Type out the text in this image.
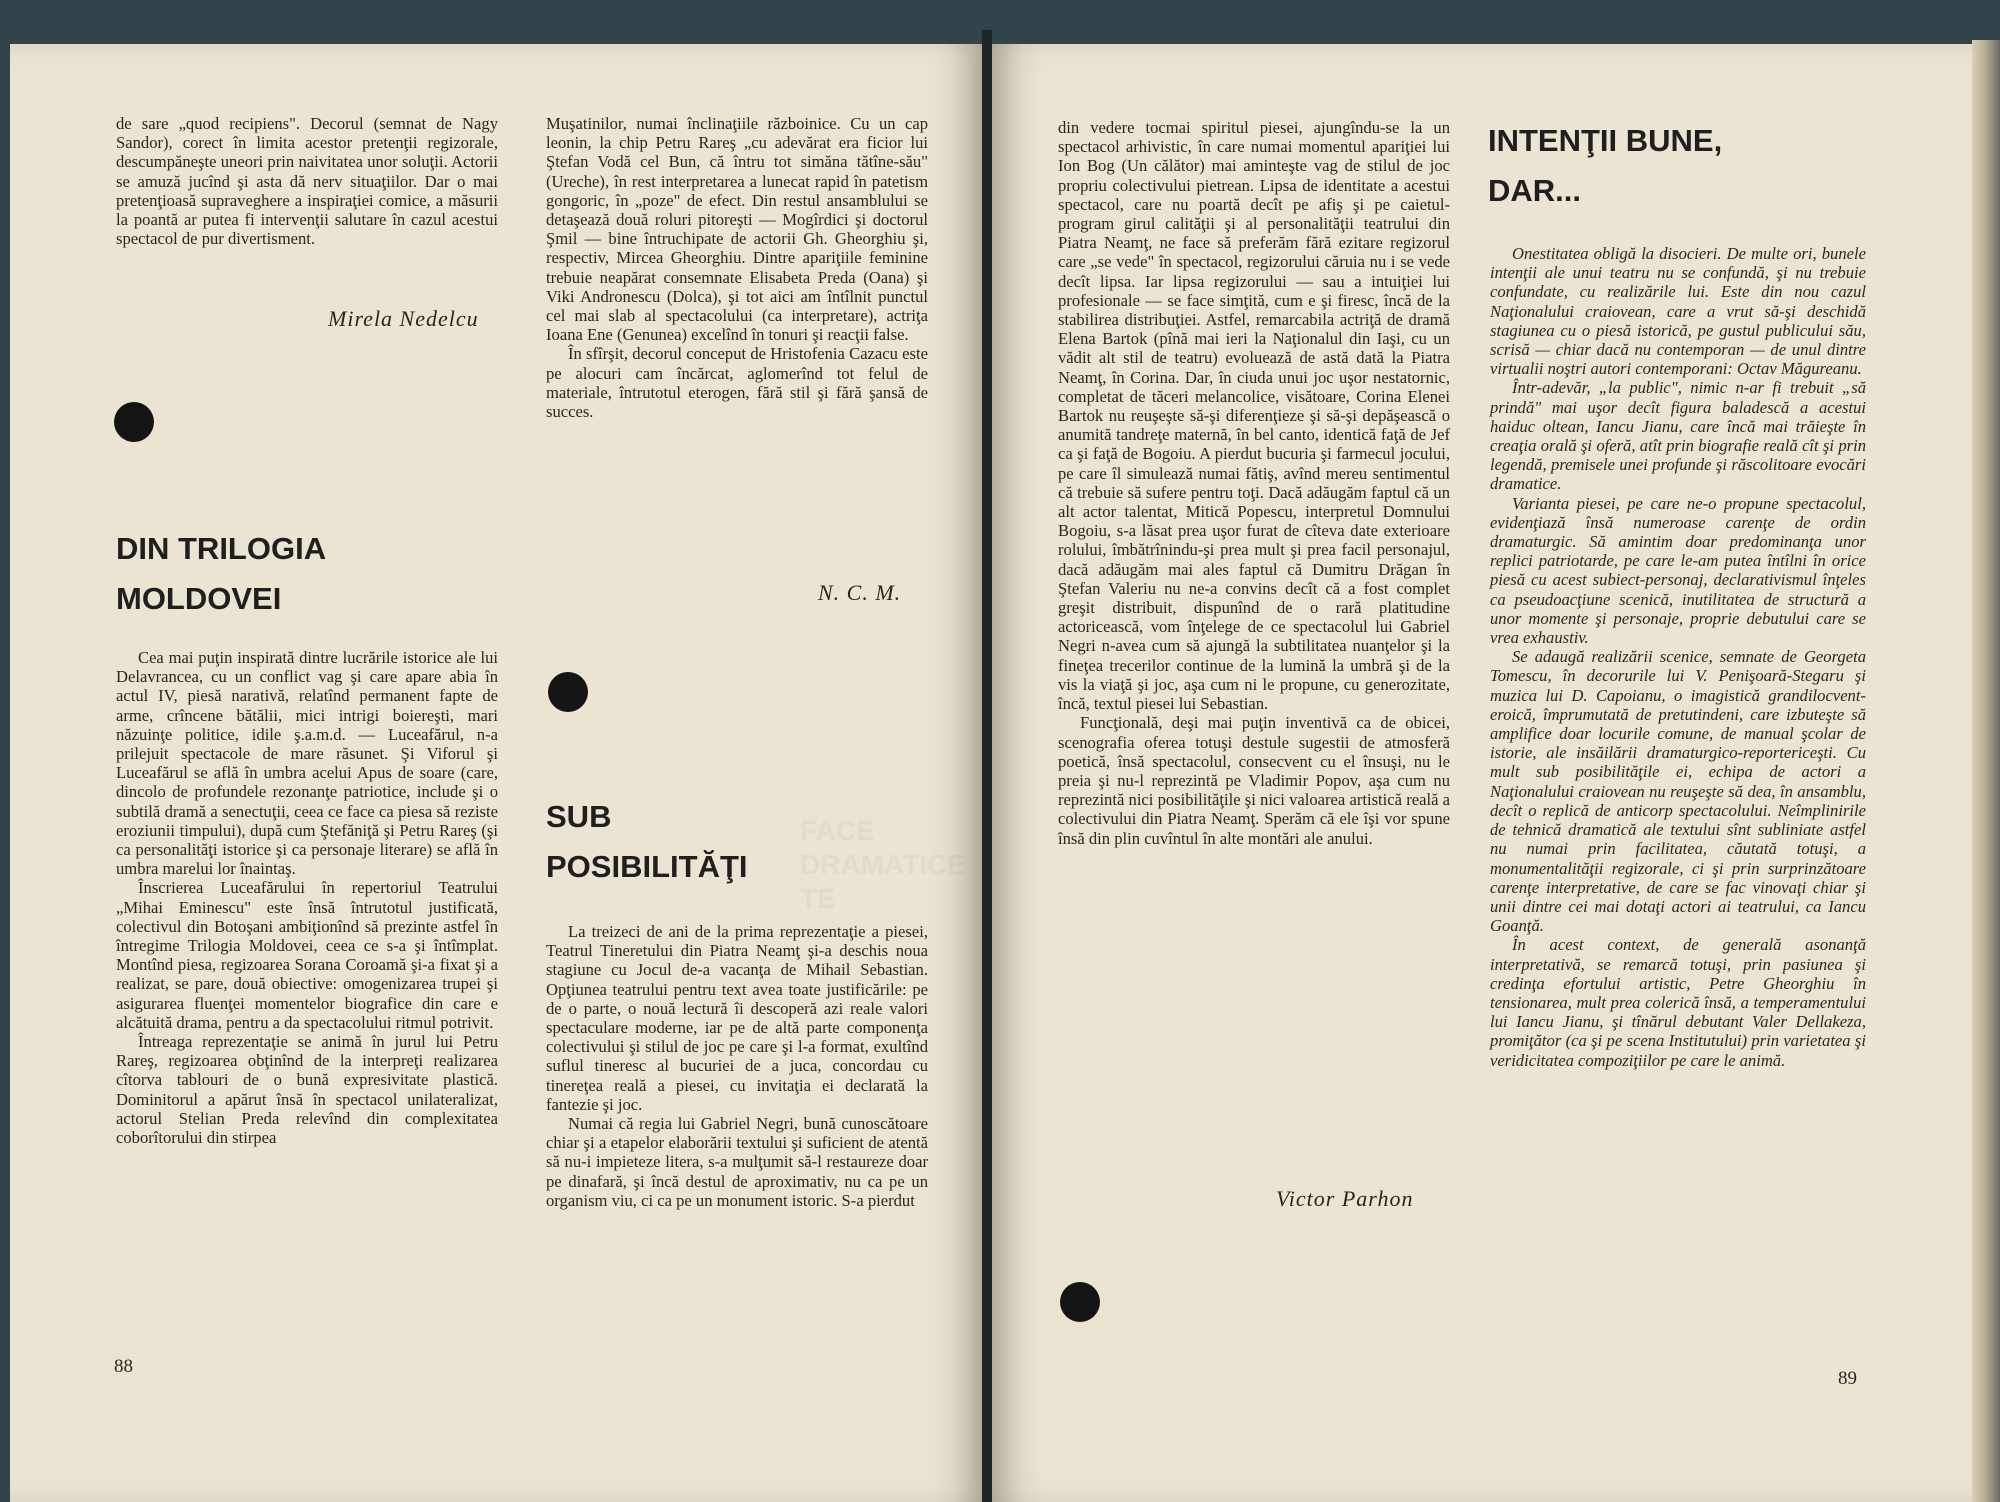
de sare „quod recipiens". Decorul (semnat de Nagy Sandor), corect în limita acestor pretenţii regizorale, descumpăneşte uneori prin naivitatea unor soluţii. Actorii se amuză jucînd şi asta dă nerv situaţiilor. Dar o mai pretenţioasă supraveghere a inspiraţiei comice, a măsurii la poantă ar putea fi intervenţii salutare în cazul acestui spectacol de pur divertisment.

Mirela Nedelcu
DIN TRILOGIA
MOLDOVEI

Cea mai puţin inspirată dintre lucrările istorice ale lui Delavrancea, cu un conflict vag şi care apare abia în actul IV, piesă narativă, relatînd permanent fapte de arme, crîncene bătălii, mici intrigi boiereşti, mari năzuinţe politice, idile ş.a.m.d. — Luceafărul, n-a prilejuit spectacole de mare răsunet. Şi Viforul şi Luceafărul se află în umbra acelui Apus de soare (care, dincolo de profundele rezonanţe patriotice, include şi o subtilă dramă a senectuţii, ceea ce face ca piesa să reziste eroziunii timpului), după cum Ştefăniţă şi Petru Rareş (şi ca personalităţi istorice şi ca personaje literare) se află în umbra marelui lor înaintaş.

Înscrierea Luceafărului în repertoriul Teatrului „Mihai Eminescu" este însă întrutotul justificată, colectivul din Botoşani ambiţionînd să prezinte astfel în întregime Trilogia Moldovei, ceea ce s-a şi întîmplat. Montînd piesa, regizoarea Sorana Coroamă şi-a fixat şi a realizat, se pare, două obiective: omogenizarea trupei şi asigurarea fluenţei momentelor biografice din care e alcătuită drama, pentru a da spectacolului ritmul potrivit.

Întreaga reprezentaţie se animă în jurul lui Petru Rareş, regizoarea obţinînd de la interpreţi realizarea cîtorva tablouri de o bună expresivitate plastică. Dominitorul a apărut însă în spectacol unilateralizat, actorul Stelian Preda relevînd din complexitatea coborîtorului din stirpea

Muşatinilor, numai înclinaţiile războinice. Cu un cap leonin, la chip Petru Rareş „cu adevărat era ficior lui Ştefan Vodă cel Bun, că întru tot simăna tătîne-său" (Ureche), în rest interpretarea a lunecat rapid în patetism gongoric, în „poze" de efect. Din restul ansamblului se detaşează două roluri pitoreşti — Mogîrdici şi doctorul Şmil — bine întruchipate de actorii Gh. Gheorghiu şi, respectiv, Mircea Gheorghiu. Dintre apariţiile feminine trebuie neapărat consemnate Elisabeta Preda (Oana) şi Viki Andronescu (Dolca), şi tot aici am întîlnit punctul cel mai slab al spectacolului (ca interpretare), actriţa Ioana Ene (Genunea) excelînd în tonuri şi reacţii false.

În sfîrşit, decorul conceput de Hristofenia Cazacu este pe alocuri cam încărcat, aglomerînd tot felul de materiale, întrutotul eterogen, fără stil şi fără şansă de succes.

N. C. M.
FACE
DRAMATICE
TE
SUB
POSIBILITĂŢI

La treizeci de ani de la prima reprezentaţie a piesei, Teatrul Tineretului din Piatra Neamţ şi-a deschis noua stagiune cu Jocul de-a vacanţa de Mihail Sebastian. Opţiunea teatrului pentru text avea toate justificările: pe de o parte, o nouă lectură îi descoperă azi reale valori spectaculare moderne, iar pe de altă parte componenţa colectivului şi stilul de joc pe care şi l-a format, exultînd suflul tineresc al bucuriei de a juca, concordau cu tinereţea reală a piesei, cu invitaţia ei declarată la fantezie şi joc.

Numai că regia lui Gabriel Negri, bună cunoscătoare chiar şi a etapelor elaborării textului şi suficient de atentă să nu-i impieteze litera, s-a mulţumit să-l restaureze doar pe dinafară, şi încă destul de aproximativ, nu ca pe un organism viu, ci ca pe un monument istoric. S-a pierdut

88

din vedere tocmai spiritul piesei, ajungîndu-se la un spectacol arhivistic, în care numai momentul apariţiei lui Ion Bog (Un călător) mai aminteşte vag de stilul de joc propriu colectivului pietrean. Lipsa de identitate a acestui spectacol, care nu poartă decît pe afiş şi pe caietul-program girul calităţii şi al personalităţii teatrului din Piatra Neamţ, ne face să preferăm fără ezitare regizorul care „se vede" în spectacol, regizorului căruia nu i se vede decît lipsa. Iar lipsa regizorului — sau a intuiţiei lui profesionale — se face simţită, cum e şi firesc, încă de la stabilirea distribuţiei. Astfel, remarcabila actriţă de dramă Elena Bartok (pînă mai ieri la Naţionalul din Iaşi, cu un vădit alt stil de teatru) evoluează de astă dată la Piatra Neamţ, în Corina. Dar, în ciuda unui joc uşor nestatornic, completat de tăceri melancolice, visătoare, Corina Elenei Bartok nu reuşeşte să-şi diferenţieze şi să-şi depăşească o anumită tandreţe maternă, în bel canto, identică faţă de Jef ca şi faţă de Bogoiu. A pierdut bucuria şi farmecul jocului, pe care îl simulează numai fătiş, avînd mereu sentimentul că trebuie să sufere pentru toţi. Dacă adăugăm faptul că un alt actor talentat, Mitică Popescu, interpretul Domnului Bogoiu, s-a lăsat prea uşor furat de cîteva date exterioare rolului, îmbătrînindu-şi prea mult şi prea facil personajul, dacă adăugăm mai ales faptul că Dumitru Drăgan în Ştefan Valeriu nu ne-a convins decît că a fost complet greşit distribuit, dispunînd de o rară platitudine actoricească, vom înţelege de ce spectacolul lui Gabriel Negri n-avea cum să ajungă la subtilitatea nuanţelor şi la fineţea trecerilor continue de la lumină la umbră şi de la vis la viaţă şi joc, aşa cum ni le propune, cu generozitate, încă, textul piesei lui Sebastian.

Funcţională, deşi mai puţin inventivă ca de obicei, scenografia oferea totuşi destule sugestii de atmosferă poetică, însă spectacolul, consecvent cu el însuşi, nu le preia şi nu-l reprezintă pe Vladimir Popov, aşa cum nu reprezintă nici posibilităţile şi nici valoarea artistică reală a colectivului din Piatra Neamţ. Sperăm că ele îşi vor spune însă din plin cuvîntul în alte montări ale anului.

Victor Parhon
INTENŢII BUNE,
DAR...

Onestitatea obligă la disocieri. De multe ori, bunele intenţii ale unui teatru nu se confundă, şi nu trebuie confundate, cu realizările lui. Este din nou cazul Naţionalului craiovean, care a vrut să-şi deschidă stagiunea cu o piesă istorică, pe gustul publicului său, scrisă — chiar dacă nu contemporan — de unul dintre virtualii noştri autori contemporani: Octav Măgureanu.

Într-adevăr, „la public", nimic n-ar fi trebuit „să prindă" mai uşor decît figura baladescă a acestui haiduc oltean, Iancu Jianu, care încă mai trăieşte în creaţia orală şi oferă, atît prin biografie reală cît şi prin legendă, premisele unei profunde şi răscolitoare evocări dramatice.

Varianta piesei, pe care ne-o propune spectacolul, evidenţiază însă numeroase carenţe de ordin dramaturgic. Să amintim doar predominanţa unor replici patriotarde, pe care le-am putea întîlni în orice piesă cu acest subiect-personaj, declarativismul înţeles ca pseudoacţiune scenică, inutilitatea de structură a unor momente şi personaje, proprie debutului care se vrea exhaustiv.

Se adaugă realizării scenice, semnate de Georgeta Tomescu, în decorurile lui V. Penişoară-Stegaru şi muzica lui D. Capoianu, o imagistică grandilocvent-eroică, împrumutată de pretutindeni, care izbuteşte să amplifice doar locurile comune, de manual şcolar de istorie, ale insăilării dramaturgico-reportericeşti. Cu mult sub posibilităţile ei, echipa de actori a Naţionalului craiovean nu reuşeşte să dea, în ansamblu, decît o replică de anticorp spectacolului. Neîmplinirile de tehnică dramatică ale textului sînt subliniate astfel nu numai prin facilitatea, căutată totuşi, a monumentalităţii regizorale, ci şi prin surprinzătoare carenţe interpretative, de care se fac vinovaţi chiar şi unii dintre cei mai dotaţi actori ai teatrului, ca Iancu Goanţă.

În acest context, de generală asonanţă interpretativă, se remarcă totuşi, prin pasiunea şi credinţa efortului artistic, Petre Gheorghiu în tensionarea, mult prea colerică însă, a temperamentului lui Iancu Jianu, şi tînărul debutant Valer Dellakeza, promiţător (ca şi pe scena Institutului) prin varietatea şi veridicitatea compoziţiilor pe care le animă.

89
